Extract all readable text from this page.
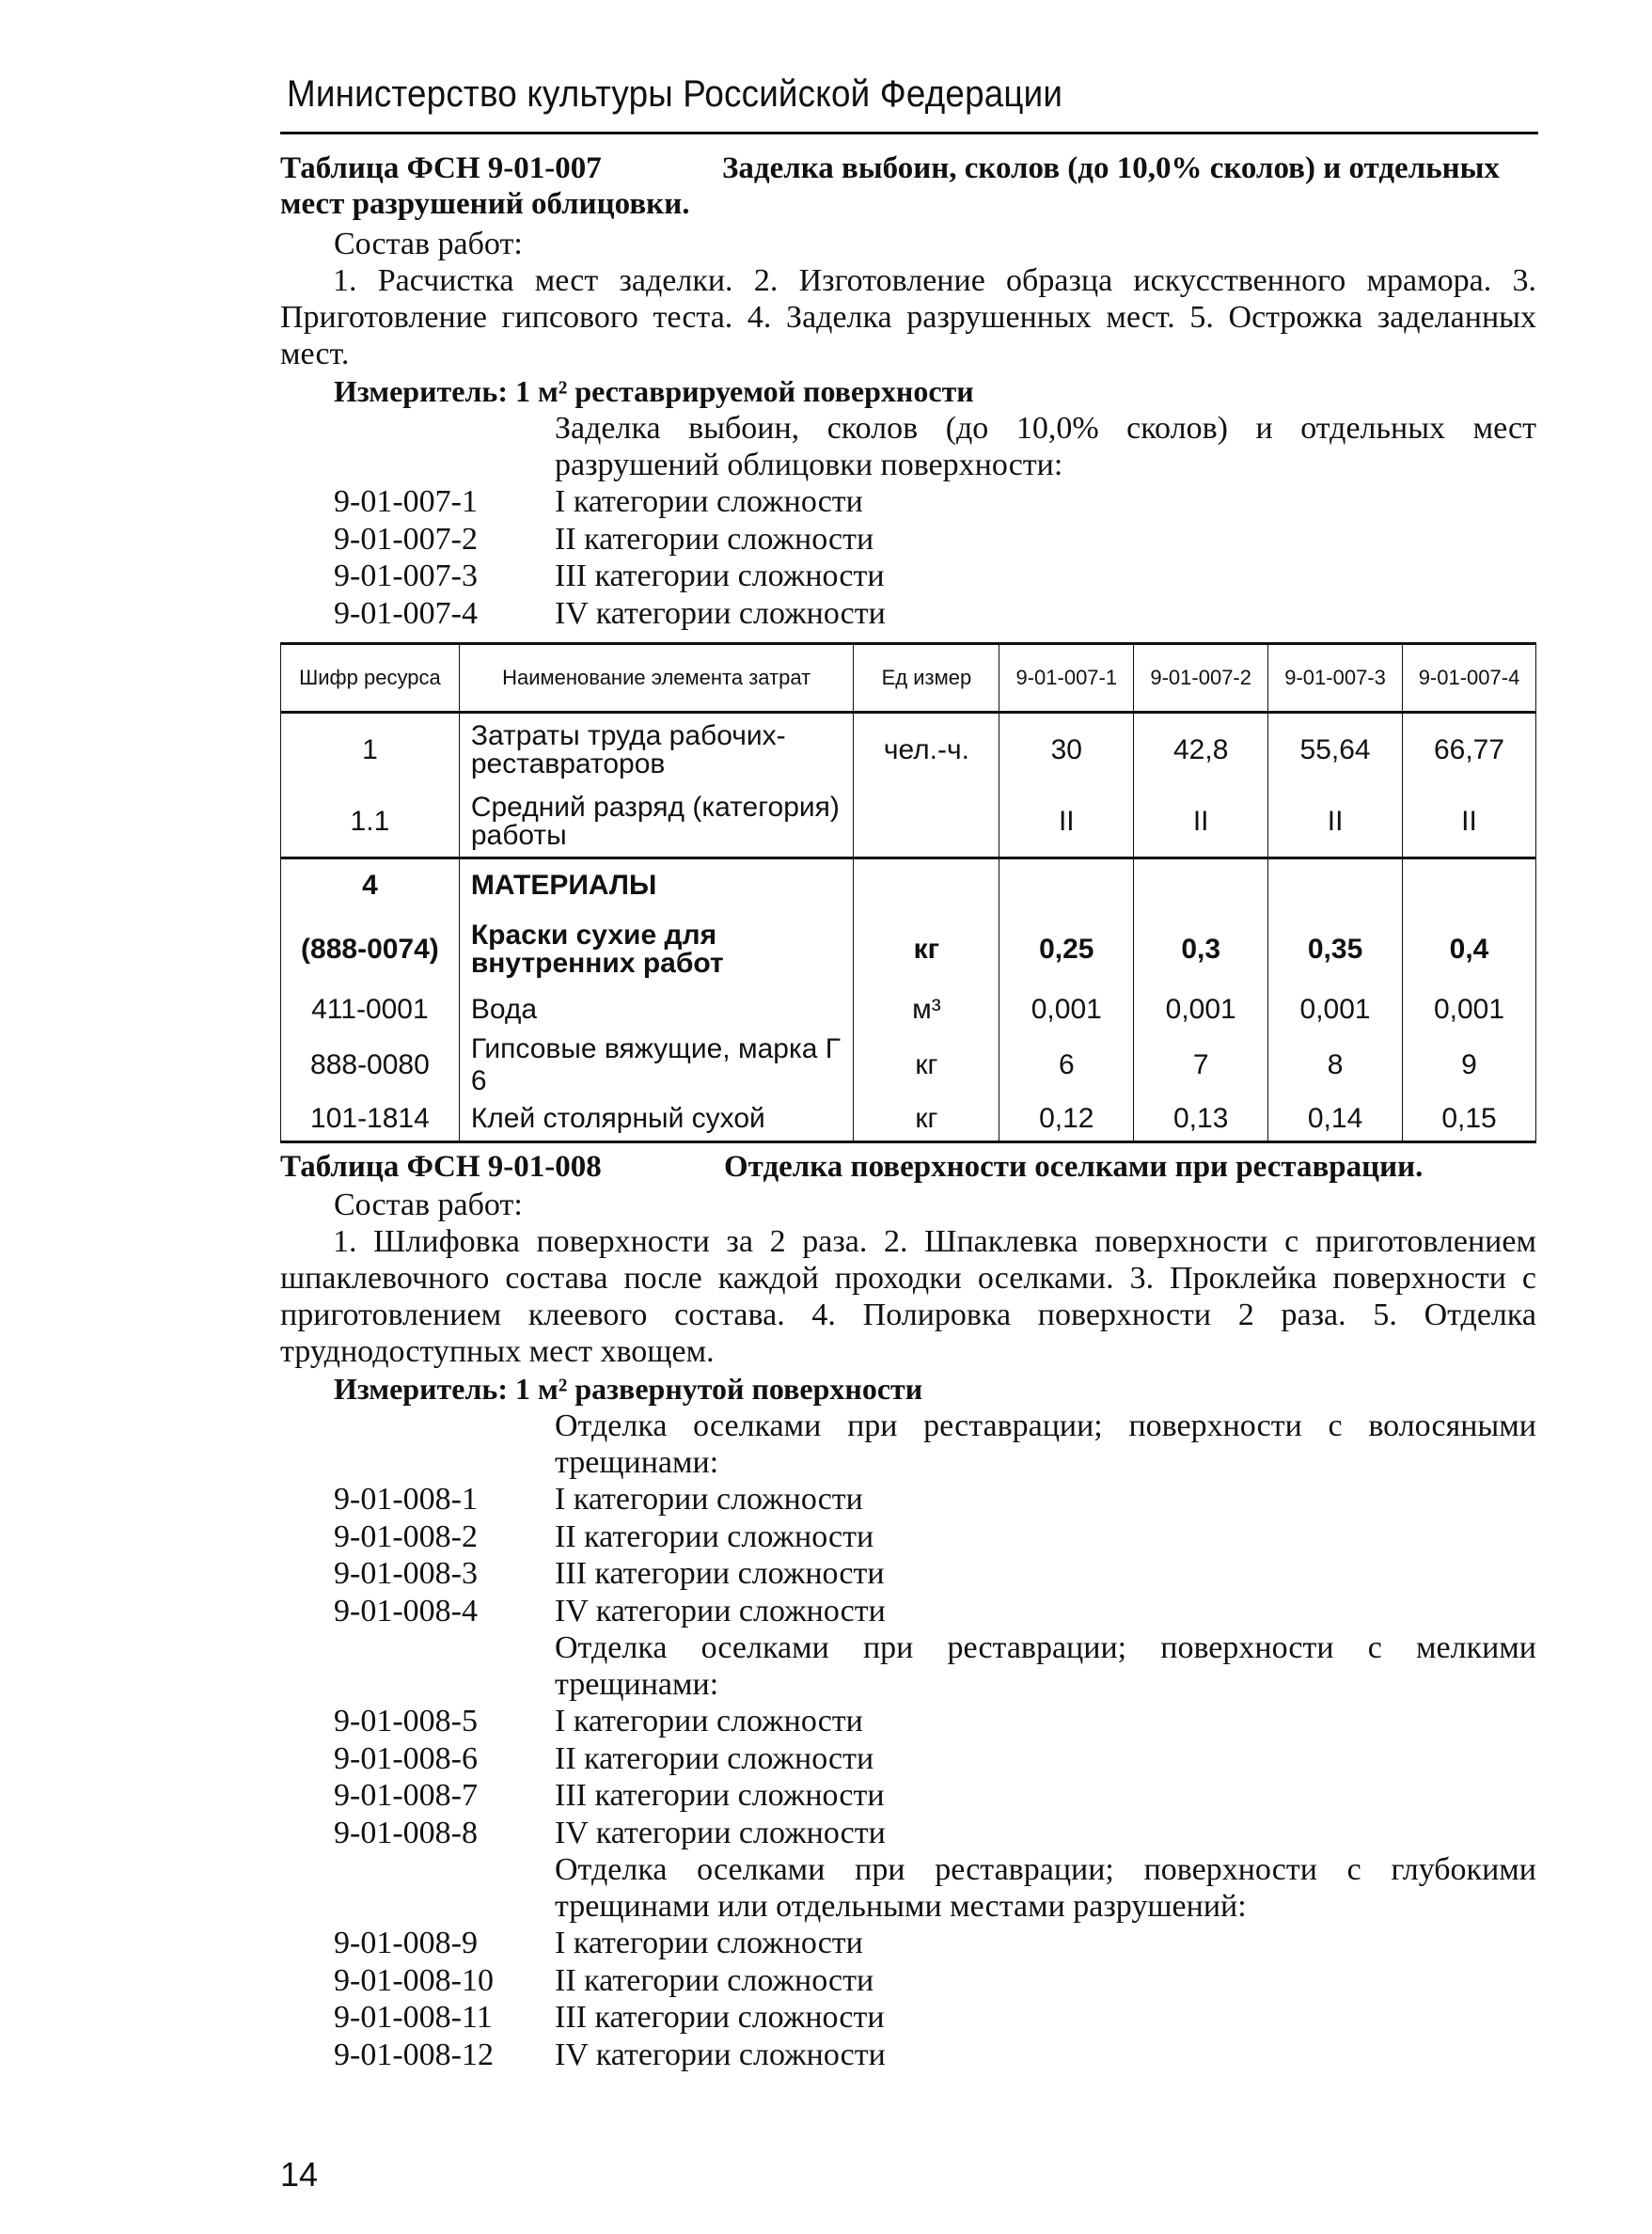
Министерство культуры Российской Федерации
Таблица ФСН 9-01-007	Заделка выбоин, сколов (до 10,0% сколов) и отдельных мест разрушений облицовки.
Состав работ:
1. Расчистка мест заделки. 2. Изготовление образца искусственного мрамора. 3. Приготовление гипсового теста. 4. Заделка разрушенных мест. 5. Острожка заделанных мест.
Измеритель: 1 м² реставрируемой поверхности
Заделка выбоин, сколов (до 10,0% сколов) и отдельных мест разрушений облицовки поверхности:
9-01-007-1	I категории сложности
9-01-007-2	II категории сложности
9-01-007-3	III категории сложности
9-01-007-4	IV категории сложности
Шифр ресурса	Наименование элемента затрат	Ед измер	9-01-007-1	9-01-007-2	9-01-007-3	9-01-007-4
1	Затраты труда рабочих-реставраторов	чел.-ч.	30	42,8	55,64	66,77
1.1	Средний разряд (категория) работы		II	II	II	II
4	МАТЕРИАЛЫ					
(888-0074)	Краски сухие для внутренних работ	кг	0,25	0,3	0,35	0,4
411-0001	Вода	м³	0,001	0,001	0,001	0,001
888-0080	Гипсовые вяжущие, марка Г 6	кг	6	7	8	9
101-1814	Клей столярный сухой	кг	0,12	0,13	0,14	0,15
Таблица ФСН 9-01-008	Отделка поверхности оселками при реставрации.
Состав работ:
1. Шлифовка поверхности за 2 раза. 2. Шпаклевка поверхности с приготовлением шпаклевочного состава после каждой проходки оселками. 3. Проклейка поверхности с приготовлением клеевого состава. 4. Полировка поверхности 2 раза. 5. Отделка труднодоступных мест хвощем.
Измеритель: 1 м² развернутой поверхности
Отделка оселками при реставрации; поверхности с волосяными трещинами:
9-01-008-1	I категории сложности
9-01-008-2	II категории сложности
9-01-008-3	III категории сложности
9-01-008-4	IV категории сложности
Отделка оселками при реставрации; поверхности с мелкими трещинами:
9-01-008-5	I категории сложности
9-01-008-6	II категории сложности
9-01-008-7	III категории сложности
9-01-008-8	IV категории сложности
Отделка оселками при реставрации; поверхности с глубокими трещинами или отдельными местами разрушений:
9-01-008-9	I категории сложности
9-01-008-10	II категории сложности
9-01-008-11	III категории сложности
9-01-008-12	IV категории сложности
14
